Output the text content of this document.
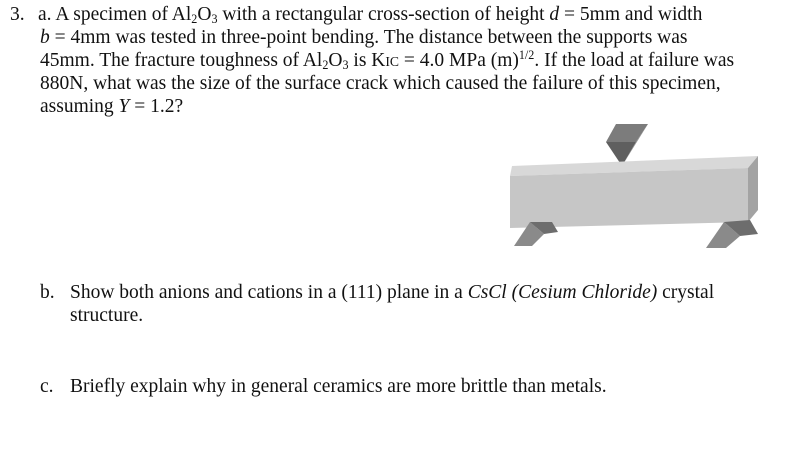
3. a. A specimen of $Al_2O_3$ with a rectangular cross-section of height d = 5mm and width
b = 4mm was tested in three-point bending. The distance between the supports was
45mm. The fracture toughness of $Al_2O_3$ is KIC = 4.0 MPa $(m)^{1/2}$. If the load at failure was
880N, what was the size of the surface crack which caused the failure of this specimen,
assuming Y = 1.2?
b. Show both anions and cations in a (111) plane in a CsCl (Cesium Chloride) crystal
structure.
c. Briefly explain why in general ceramics are more brittle than metals.
